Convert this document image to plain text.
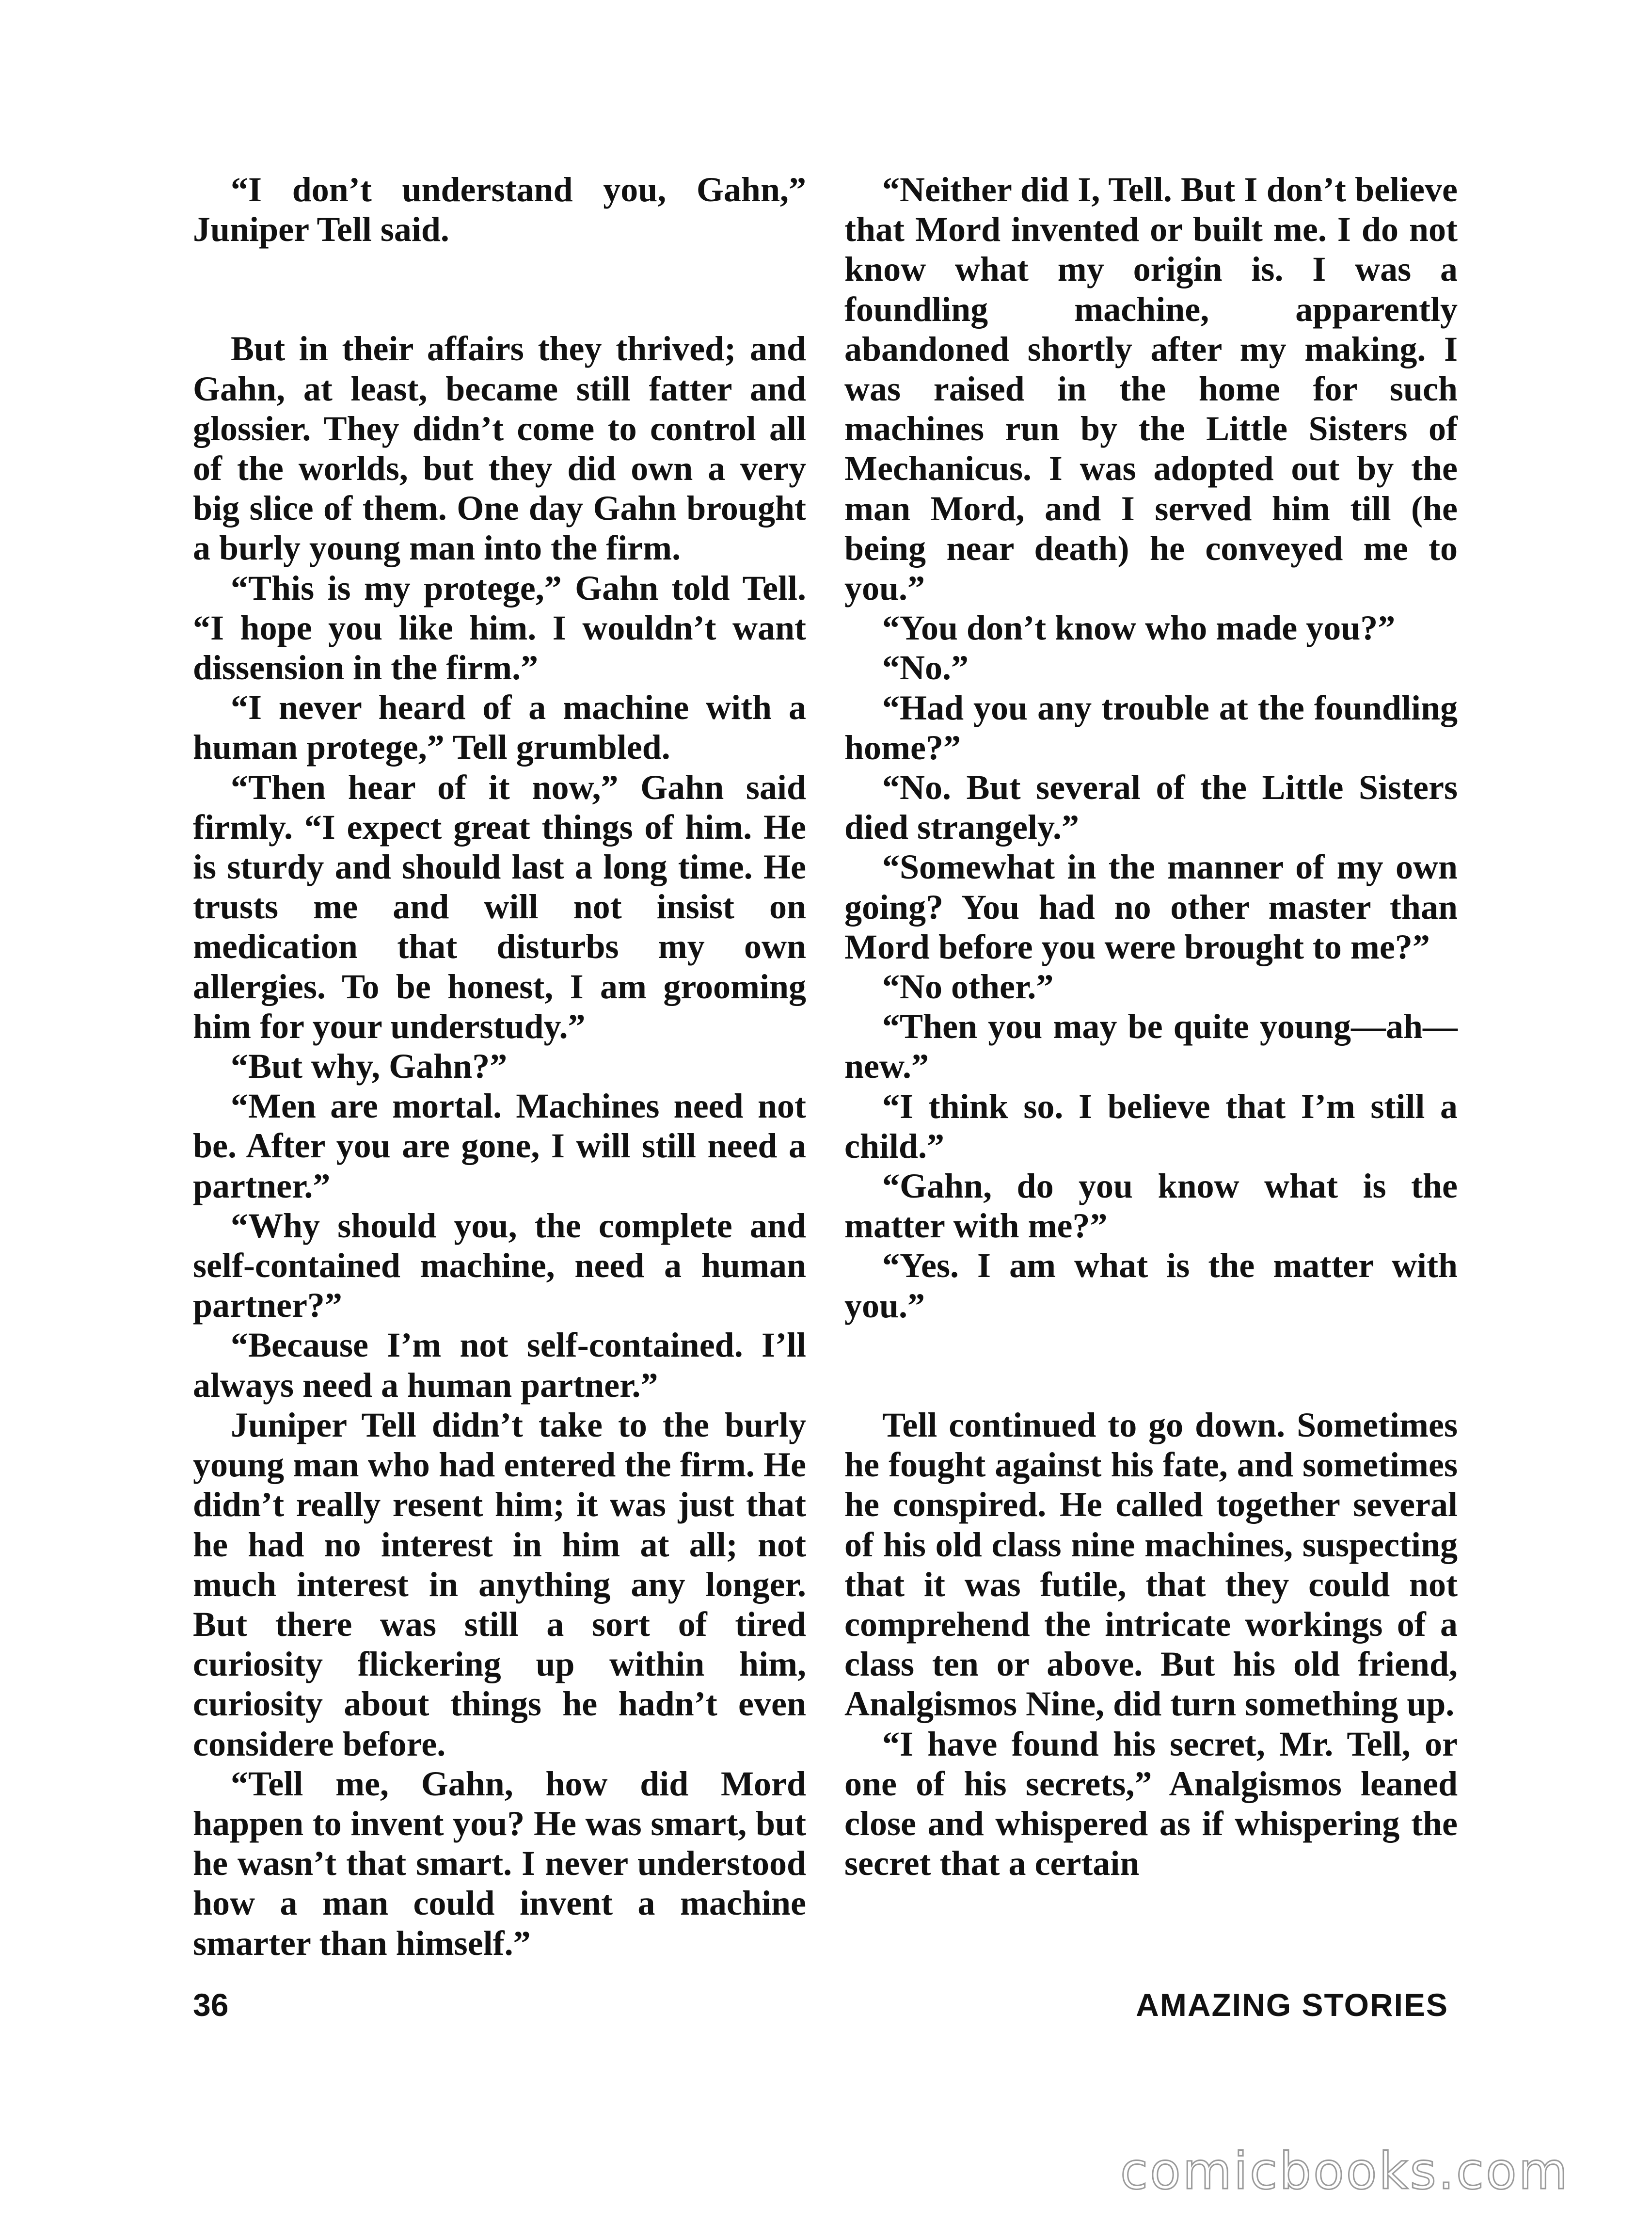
“I don’t understand you, Gahn,” Juniper Tell said.

But in their affairs they thrived; and Gahn, at least, became still fatter and glossier. They didn’t come to control all of the worlds, but they did own a very big slice of them. One day Gahn brought a burly young man into the firm.

“This is my protege,” Gahn told Tell. “I hope you like him. I wouldn’t want dissension in the firm.”

“I never heard of a machine with a human protege,” Tell grumbled.

“Then hear of it now,” Gahn said firmly. “I expect great things of him. He is sturdy and should last a long time. He trusts me and will not insist on medication that disturbs my own allergies. To be honest, I am grooming him for your understudy.”

“But why, Gahn?”

“Men are mortal. Machines need not be. After you are gone, I will still need a partner.”

“Why should you, the complete and self-contained machine, need a human partner?”

“Because I’m not self-contained. I’ll always need a human partner.”

Juniper Tell didn’t take to the burly young man who had entered the firm. He didn’t really resent him; it was just that he had no interest in him at all; not much interest in anything any longer. But there was still a sort of tired curiosity flickering up within him, curiosity about things he hadn’t even considere before.

“Tell me, Gahn, how did Mord happen to invent you? He was smart, but he wasn’t that smart. I never understood how a man could invent a machine smarter than himself.”

“Neither did I, Tell. But I don’t believe that Mord invented or built me. I do not know what my origin is. I was a foundling machine, apparently abandoned shortly after my making. I was raised in the home for such machines run by the Little Sisters of Mechanicus. I was adopted out by the man Mord, and I served him till (he being near death) he conveyed me to you.”

“You don’t know who made you?”

“No.”

“Had you any trouble at the foundling home?”

“No. But several of the Little Sisters died strangely.”

“Somewhat in the manner of my own going? You had no other master than Mord before you were brought to me?”

“No other.”

“Then you may be quite young—ah—new.”

“I think so. I believe that I’m still a child.”

“Gahn, do you know what is the matter with me?”

“Yes. I am what is the matter with you.”

Tell continued to go down. Sometimes he fought against his fate, and sometimes he conspired. He called together several of his old class nine machines, suspecting that it was futile, that they could not comprehend the intricate workings of a class ten or above. But his old friend, Analgismos Nine, did turn something up.

“I have found his secret, Mr. Tell, or one of his secrets,” Analgismos leaned close and whispered as if whispering the secret that a certain

36	AMAZING STORIES
comicbooks.com
